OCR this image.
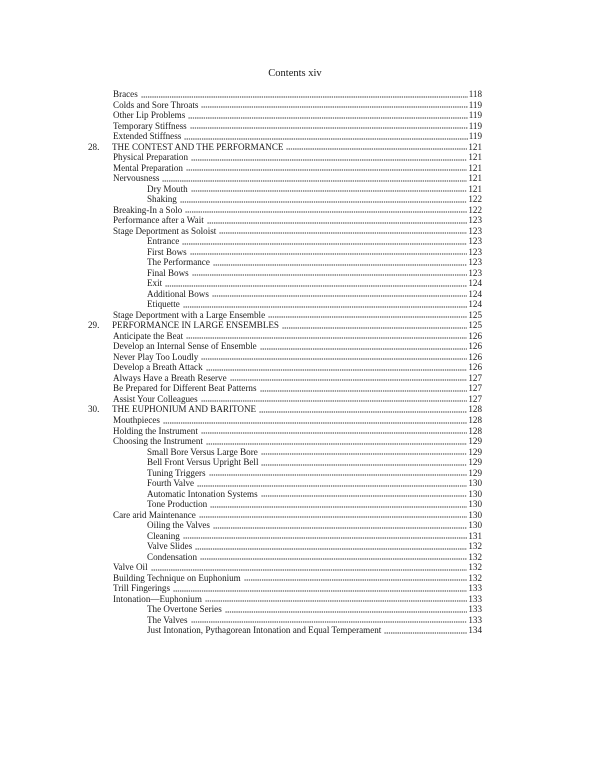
Contents xiv
Braces	118
Colds and Sore Throats	119
Other Lip Problems	119
Temporary Stiffness	119
Extended Stiffness	119
28.	THE CONTEST AND THE PERFORMANCE	121
Physical Preparation	121
Mental Preparation	121
Nervousness	121
Dry Mouth	121
Shaking	122
Breaking-In a Solo	122
Performance after a Wait	123
Stage Deportment as Soloist	123
Entrance	123
First Bows	123
The Performance	123
Final Bows	123
Exit	124
Additional Bows	124
Etiquette	124
Stage Deportment with a Large Ensemble	125
29.	PERFORMANCE IN LARGE ENSEMBLES	125
Anticipate the Beat	126
Develop an Internal Sense of Ensemble	126
Never Play Too Loudly	126
Develop a Breath Attack	126
Always Have a Breath Reserve	127
Be Prepared for Different Beat Patterns	127
Assist Your Colleagues	127
30.	THE EUPHONIUM AND BARITONE	128
Mouthpieces	128
Holding the Instrument	128
Choosing the Instrument	129
Small Bore Versus Large Bore	129
Bell Front Versus Upright Bell	129
Tuning Triggers	129
Fourth Valve	130
Automatic Intonation Systems	130
Tone Production	130
Care arid Maintenance	130
Oiling the Valves	130
Cleaning	131
Valve Slides	132
Condensation	132
Valve Oil	132
Building Technique on Euphonium	132
Trill Fingerings	133
Intonation—Euphonium	133
The Overtone Series	133
The Valves	133
Just Intonation, Pythagorean Intonation and Equal Temperament	134
